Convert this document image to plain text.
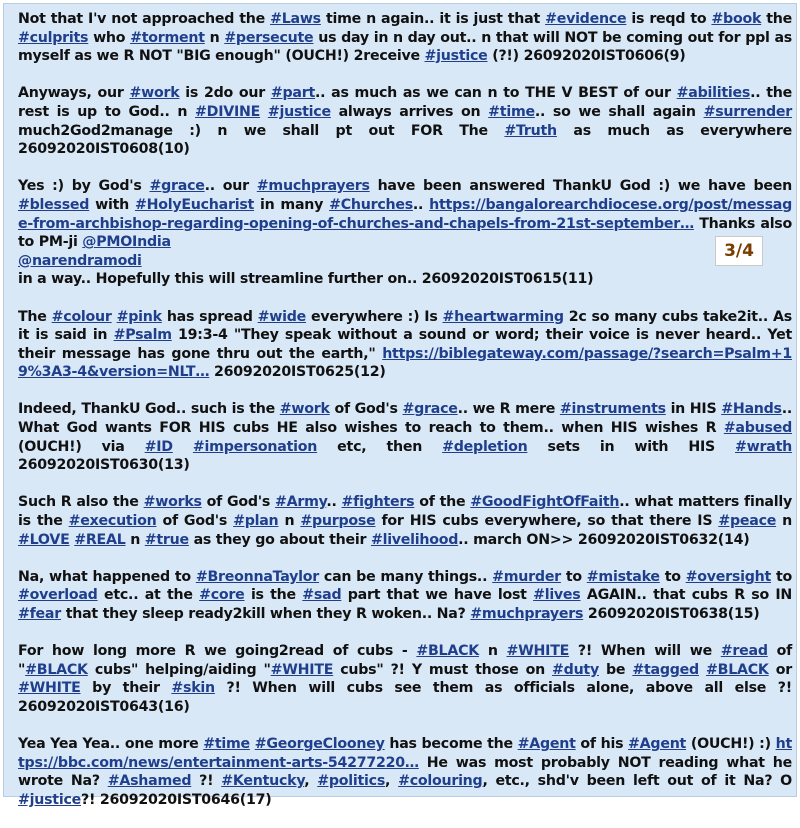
Not that I'v not approached the #Laws time n again.. it is just that #evidence is reqd to #book the #culprits who #torment n #persecute us day in n day out.. n that will NOT be coming out for ppl as myself as we R NOT "BIG enough" (OUCH!) 2receive #justice (?!) 26092020IST0606(9)

Anyways, our #work is 2do our #part.. as much as we can n to THE V BEST of our #abilities.. the rest is up to God.. n #DIVINE #justice always arrives on #time.. so we shall again #surrender much2God2manage :) n we shall pt out FOR The #Truth as much as everywhere 26092020IST0608(10)

Yes :) by God's #grace.. our #muchprayers have been answered ThankU God :) we have been #blessed with #HolyEucharist in many #Churches.. https://bangalorearchdiocese.org/post/message-from-archbishop-regarding-opening-of-churches-and-chapels-from-21st-september… Thanks also to PM-ji @PMOIndia
@narendramodi
in a way.. Hopefully this will streamline further on.. 26092020IST0615(11)

The #colour #pink has spread #wide everywhere :) Is #heartwarming 2c so many cubs take2it.. As it is said in #Psalm 19:3-4 "They speak without a sound or word; their voice is never heard.. Yet their message has gone thru out the earth," https://biblegateway.com/passage/?search=Psalm+19%3A3-4&version=NLT… 26092020IST0625(12)

Indeed, ThankU God.. such is the #work of God's #grace.. we R mere #instruments in HIS #Hands.. What God wants FOR HIS cubs HE also wishes to reach to them.. when HIS wishes R #abused (OUCH!) via #ID #impersonation etc, then #depletion sets in with HIS #wrath 26092020IST0630(13)

Such R also the #works of God's #Army.. #fighters of the #GoodFightOfFaith.. what matters finally is the #execution of God's #plan n #purpose for HIS cubs everywhere, so that there IS #peace n #LOVE #REAL n #true as they go about their #livelihood.. march ON>> 26092020IST0632(14)

Na, what happened to #BreonnaTaylor can be many things.. #murder to #mistake to #oversight to #overload etc.. at the #core is the #sad part that we have lost #lives AGAIN.. that cubs R so IN #fear that they sleep ready2kill when they R woken.. Na? #muchprayers 26092020IST0638(15)

For how long more R we going2read of cubs - #BLACK n #WHITE ?! When will we #read of "#BLACK cubs" helping/aiding "#WHITE cubs" ?! Y must those on #duty be #tagged #BLACK or #WHITE by their #skin ?! When will cubs see them as officials alone, above all else ?! 26092020IST0643(16)

Yea Yea Yea.. one more #time #GeorgeClooney has become the #Agent of his #Agent (OUCH!) :) https://bbc.com/news/entertainment-arts-54277220… He was most probably NOT reading what he wrote Na? #Ashamed ?! #Kentucky, #politics, #colouring, etc., shd'v been left out of it Na? O #justice?! 26092020IST0646(17)

3/4
